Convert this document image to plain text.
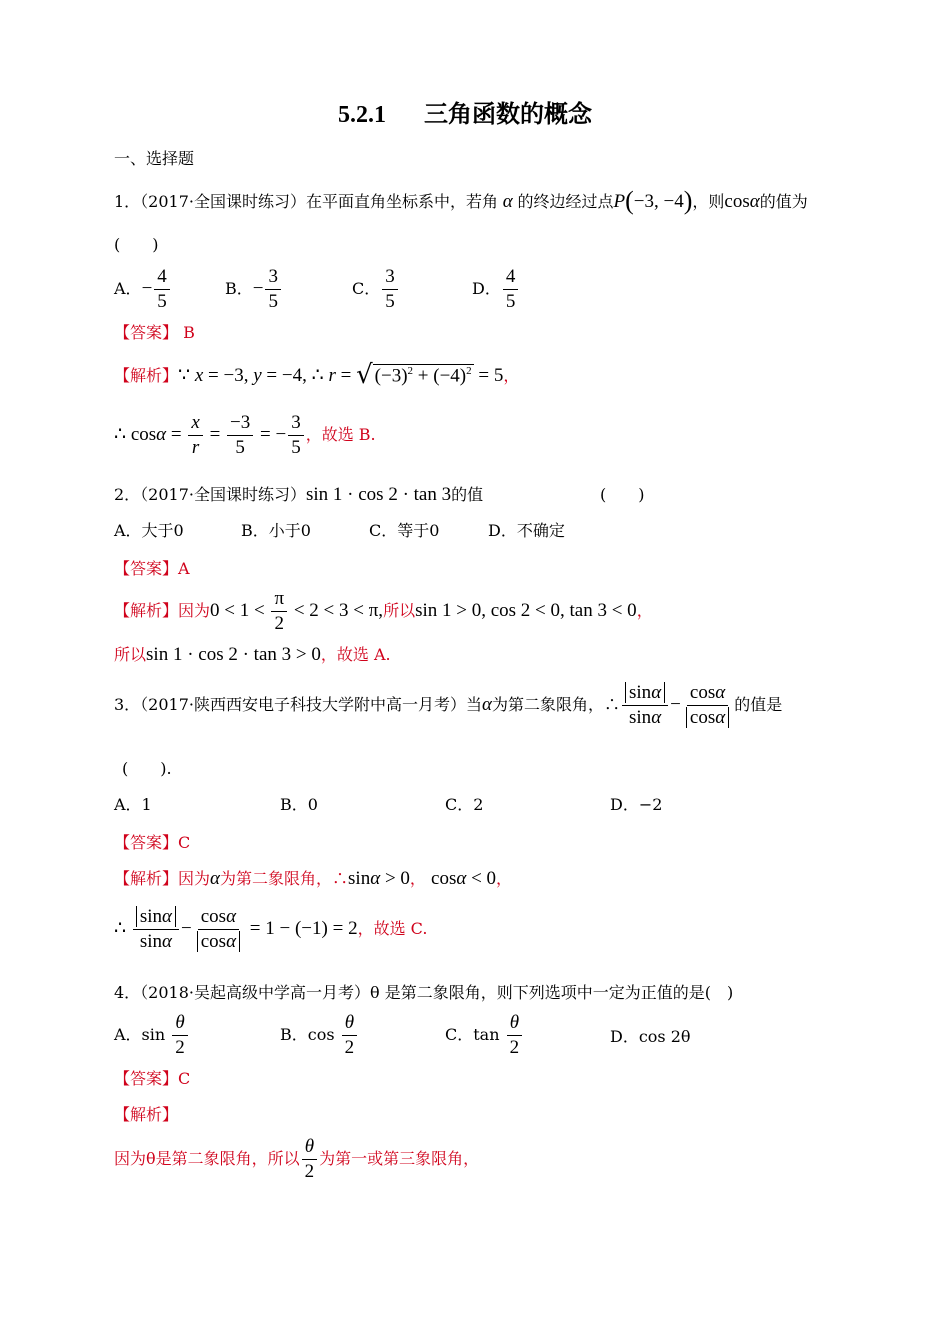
5.2.1 三角函数的概念
一、选择题
1．（2017·全国课时练习）在平面直角坐标系中，若角 α 的终边经过点P(−3, −4)，则cosα的值为
(　　)
A．− $\frac{4}{5}$	B．− $\frac{3}{5}$	C． $\frac{3}{5}$	D． $\frac{4}{5}$
【答案】 B
【解析】∵ x = −3, y = −4, ∴ r = √ $(-3)^2 + (-4)^2 = 5$，
∴ $\cos\alpha = \frac{x}{r} = \frac{-3}{5}$ = − $\frac{3}{5}$ ，故选 B.
2．（2017·全国课时练习）sin 1 · cos 2 · tan 3的值	(　　)
A．大于0	B．小于0	C．等于0	D．不确定
【答案】A
【解析】因为$0 < 1 < \frac{\pi}{2} < 2 < 3 < \pi$,所以sin 1 > 0, cos 2 < 0, tan 3 < 0，
所以sin 1 · cos 2 · tan 3 > 0，故选 A.
3．（2017·陕西西安电子科技大学附中高一月考）当α为第二象限角，∴ $\frac{\sin\alpha}{\sin\alpha} - \frac{\cos\alpha}{\cos\alpha}$ 的值是
(　　).
A．1	B．0	C．2	D．−2
【答案】C
【解析】因为α为第二象限角，∴sinα > 0， cosα < 0，
∴ $\frac{\sin\alpha}{\sin\alpha} - \frac{\cos\alpha}{\cos\alpha} = 1 - (-1) = 2$，故选 C.
4．（2018·吴起高级中学高一月考）θ 是第二象限角，则下列选项中一定为正值的是(　)
A．$\sin \frac{\theta}{2}$	B．$\cos \frac{\theta}{2}$	C．$\tan \frac{\theta}{2}$	D．cos 2θ
【答案】C
【解析】
因为θ是第二象限角，所以 $\frac{\theta}{2}$ 为第一或第三象限角，
